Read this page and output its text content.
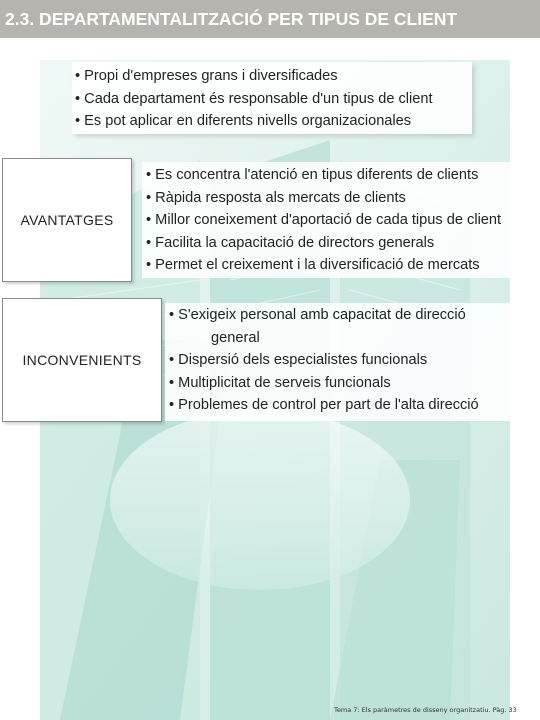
2.3. DEPARTAMENTALITZACIÓ PER TIPUS DE CLIENT
• Propi d'empreses grans i diversificades
• Cada departament és responsable d'un tipus de client
• Es pot aplicar en diferents nivells organizacionales
AVANTATGES
• Es concentra l'atenció en tipus diferents de clients
• Ràpida resposta als mercats de clients
• Millor coneixement d'aportació de cada tipus de client
• Facilita la capacitació de directors generals
• Permet el creixement i la diversificació de mercats
INCONVENIENTS
• S'exigeix personal amb capacitat de direcció
general
• Dispersió dels especialistes funcionals
• Multiplicitat de serveis funcionals
• Problemes de control per part de l'alta direcció
Tema 7: Els paràmetres de disseny organitzatiu. Pàg. 33
